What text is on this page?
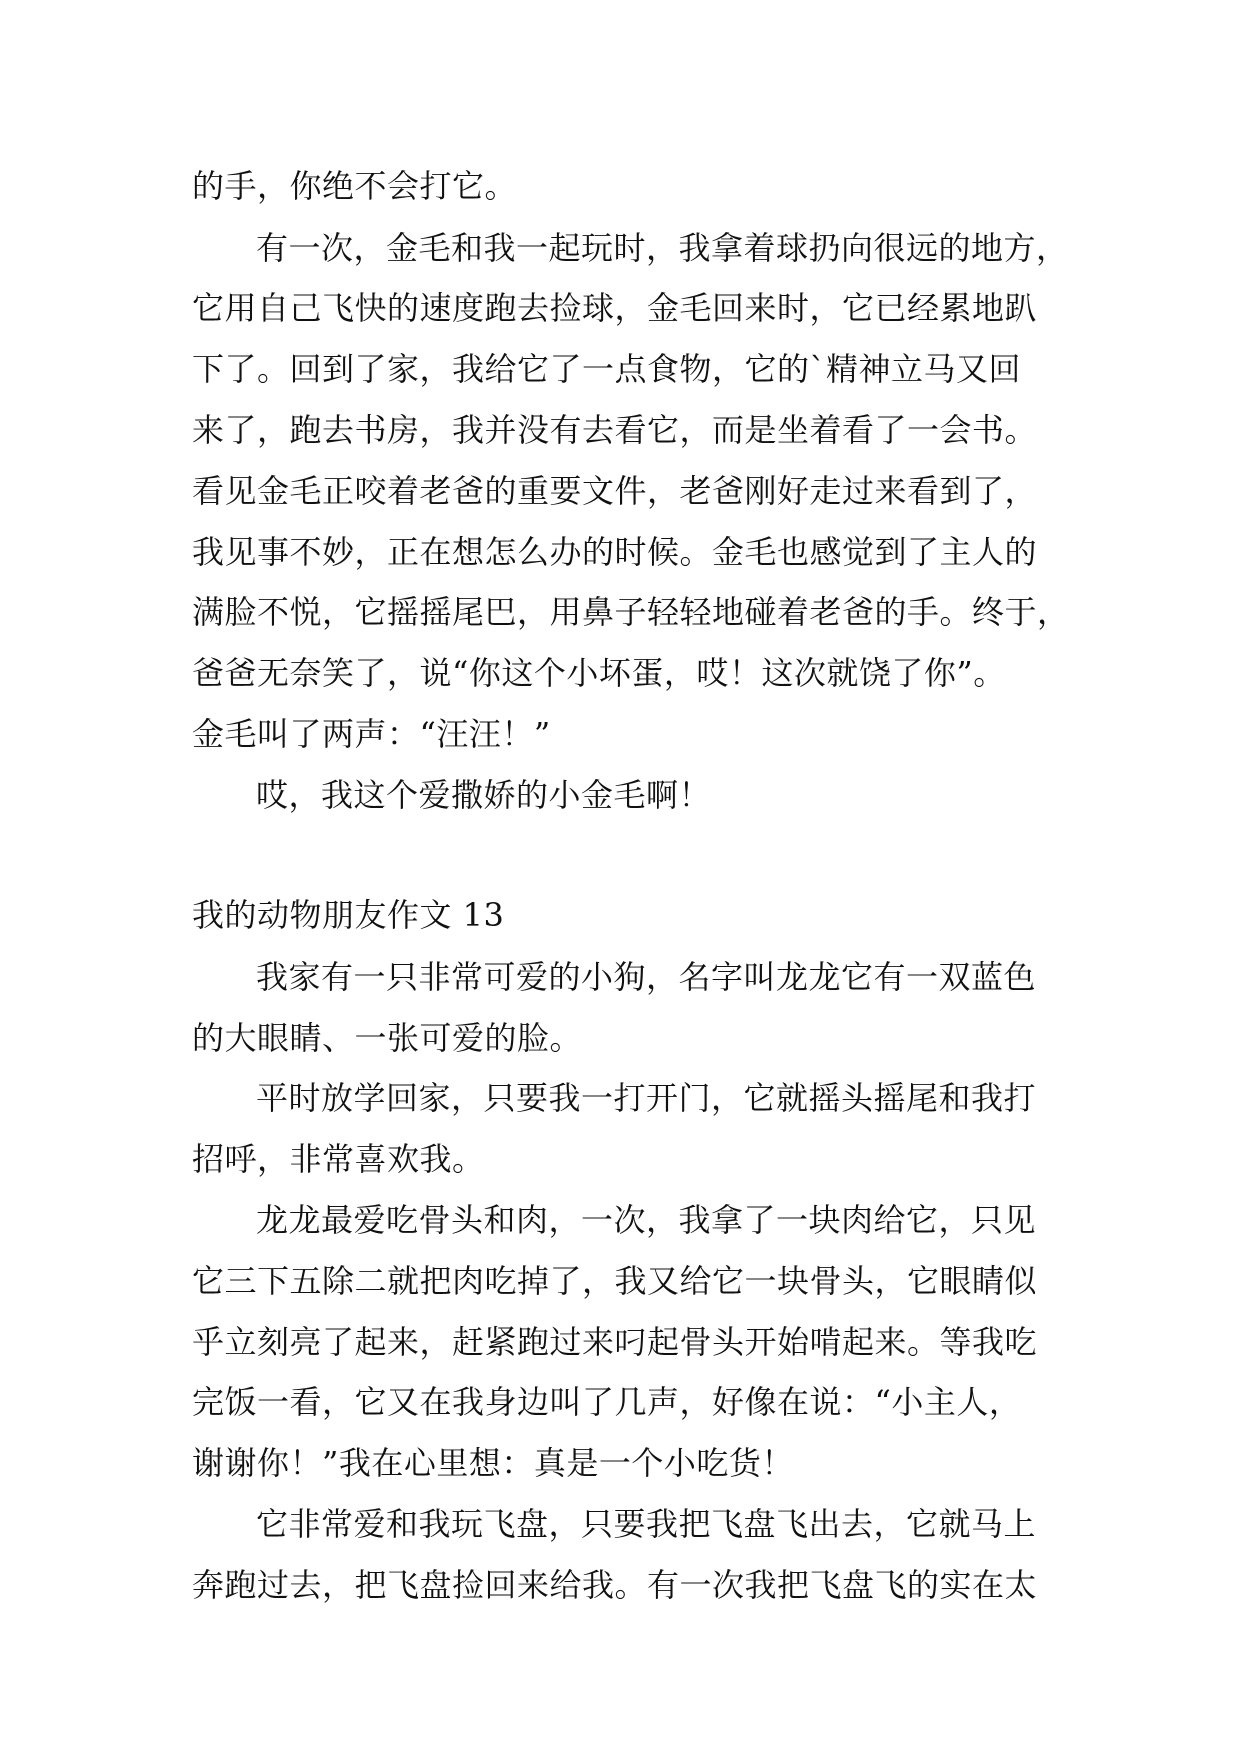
的手，你绝不会打它。
有一次，金毛和我一起玩时，我拿着球扔向很远的地方，
它用自己飞快的速度跑去捡球，金毛回来时，它已经累地趴
下了。回到了家，我给它了一点食物，它的`精神立马又回
来了，跑去书房，我并没有去看它，而是坐着看了一会书。
看见金毛正咬着老爸的重要文件，老爸刚好走过来看到了，
我见事不妙，正在想怎么办的时候。金毛也感觉到了主人的
满脸不悦，它摇摇尾巴，用鼻子轻轻地碰着老爸的手。终于，
爸爸无奈笑了，说“你这个小坏蛋，哎！这次就饶了你”。
金毛叫了两声：“汪汪！”
哎，我这个爱撒娇的小金毛啊！
我的动物朋友作文 13
我家有一只非常可爱的小狗，名字叫龙龙它有一双蓝色
的大眼睛、一张可爱的脸。
平时放学回家，只要我一打开门，它就摇头摇尾和我打
招呼，非常喜欢我。
龙龙最爱吃骨头和肉，一次，我拿了一块肉给它，只见
它三下五除二就把肉吃掉了，我又给它一块骨头，它眼睛似
乎立刻亮了起来，赶紧跑过来叼起骨头开始啃起来。等我吃
完饭一看，它又在我身边叫了几声，好像在说：“小主人，
谢谢你！”我在心里想：真是一个小吃货！
它非常爱和我玩飞盘，只要我把飞盘飞出去，它就马上
奔跑过去，把飞盘捡回来给我。有一次我把飞盘飞的实在太
